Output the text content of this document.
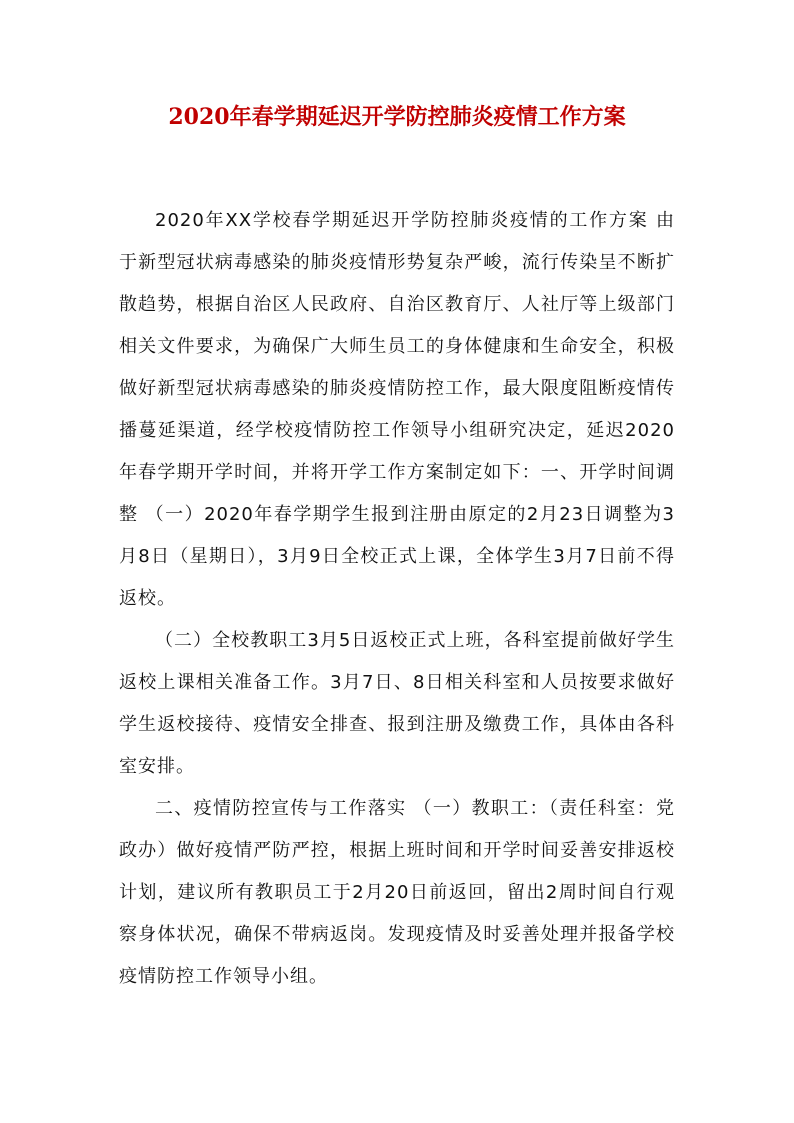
2020年春学期延迟开学防控肺炎疫情工作方案

2020年XX学校春学期延迟开学防控肺炎疫情的工作方案 由于新型冠状病毒感染的肺炎疫情形势复杂严峻，流行传染呈不断扩散趋势，根据自治区人民政府、自治区教育厅、人社厅等上级部门相关文件要求，为确保广大师生员工的身体健康和生命安全，积极做好新型冠状病毒感染的肺炎疫情防控工作，最大限度阻断疫情传播蔓延渠道，经学校疫情防控工作领导小组研究决定，延迟2020年春学期开学时间，并将开学工作方案制定如下：一、开学时间调整 （一）2020年春学期学生报到注册由原定的2月23日调整为3月8日（星期日），3月9日全校正式上课，全体学生3月7日前不得返校。

（二）全校教职工3月5日返校正式上班，各科室提前做好学生返校上课相关准备工作。3月7日、8日相关科室和人员按要求做好学生返校接待、疫情安全排查、报到注册及缴费工作，具体由各科室安排。

二、疫情防控宣传与工作落实 （一）教职工：（责任科室：党政办）做好疫情严防严控，根据上班时间和开学时间妥善安排返校计划，建议所有教职员工于2月20日前返回，留出2周时间自行观察身体状况，确保不带病返岗。发现疫情及时妥善处理并报备学校疫情防控工作领导小组。
